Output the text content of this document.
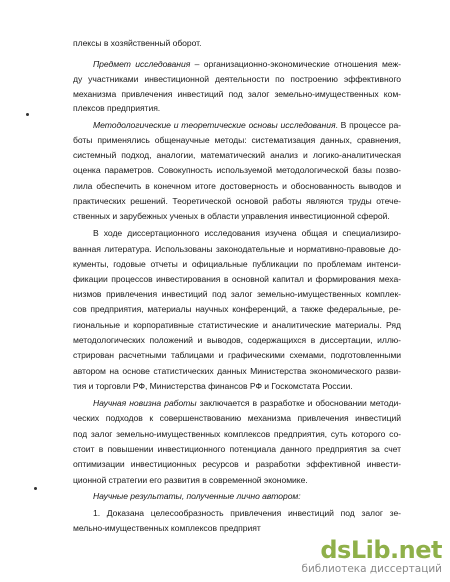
плексы в хозяйственный оборот.
Предмет исследования – организационно-экономические отношения меж-
ду участниками инвестиционной деятельности по построению эффективного
механизма привлечения инвестиций под залог земельно-имущественных ком-
плексов предприятия.
Методологические и теоретические основы исследования. В процессе ра-
боты применялись общенаучные методы: систематизация данных, сравнения,
системный подход, аналогии, математический анализ и логико-аналитическая
оценка параметров. Совокупность используемой методологической базы позво-
лила обеспечить в конечном итоге достоверность и обоснованность выводов и
практических решений. Теоретической основой работы являются труды отече-
ственных и зарубежных ученых в области управления инвестиционной сферой.
В ходе диссертационного исследования изучена общая и специализиро-
ванная литература. Использованы законодательные и нормативно-правовые до-
кументы, годовые отчеты и официальные публикации по проблемам интенси-
фикации процессов инвестирования в основной капитал и формирования меха-
низмов привлечения инвестиций под залог земельно-имущественных комплек-
сов предприятия, материалы научных конференций, а также федеральные, ре-
гиональные и корпоративные статистические и аналитические материалы. Ряд
методологических положений и выводов, содержащихся в диссертации, иллю-
стрирован расчетными таблицами и графическими схемами, подготовленными
автором на основе статистических данных Министерства экономического разви-
тия и торговли РФ, Министерства финансов РФ и Госкомстата России.
Научная новизна работы заключается в разработке и обосновании методи-
ческих подходов к совершенствованию механизма привлечения инвестиций
под залог земельно-имущественных комплексов предприятия, суть которого со-
стоит в повышении инвестиционного потенциала данного предприятия за счет
оптимизации инвестиционных ресурсов и разработки эффективной инвести-
ционной стратегии его развития в современной экономике.
Научные результаты, полученные лично автором:
1. Доказана целесообразность привлечения инвестиций под залог зе-
мельно-имущественных комплексов предприят
dsLib.net
библиотека диссертаций
